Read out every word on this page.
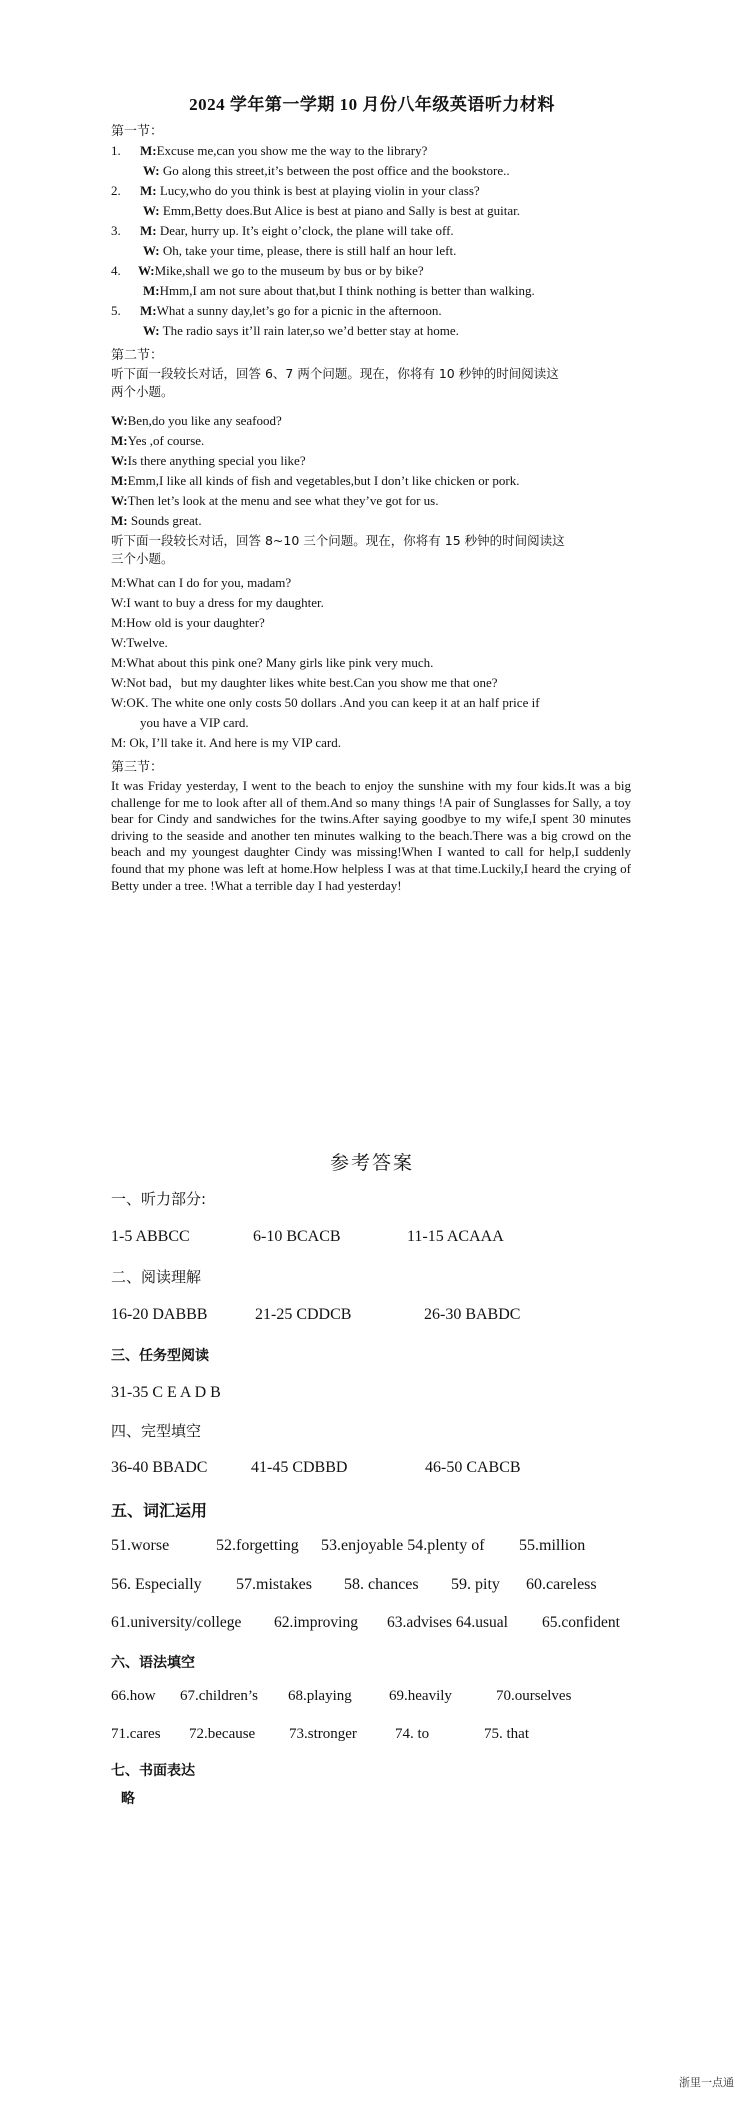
2024 学年第一学期 10 月份八年级英语听力材料
第一节：
1.	M:Excuse me,can you show me the way to the library?
W: Go along this street,it’s between the post office and the bookstore..
2.	M: Lucy,who do you think is best at playing violin in your class?
W: Emm,Betty does.But Alice is best at piano and Sally is best at guitar.
3.	M: Dear, hurry up. It’s eight o’clock, the plane will take off.
W: Oh, take your time, please, there is still half an hour left.
4.	W:Mike,shall we go to the museum by bus or by bike?
M:Hmm,I am not sure about that,but I think nothing is better than walking.
5.	M:What a sunny day,let’s go for a picnic in the afternoon.
W: The radio says it’ll rain later,so we’d better stay at home.
第二节：
听下面一段较长对话，回答 6、7 两个问题。现在，你将有 10 秒钟的时间阅读这
两个小题。
W:Ben,do you like any seafood?
M:Yes ,of course.
W:Is there anything special you like?
M:Emm,I like all kinds of fish and vegetables,but I don’t like chicken or pork.
W:Then let’s look at the menu and see what they’ve got for us.
M: Sounds great.
听下面一段较长对话，回答 8~10 三个问题。现在，你将有 15 秒钟的时间阅读这
三个小题。
M:What can I do for you, madam?
W:I want to buy a dress for my daughter.
M:How old is your daughter?
W:Twelve.
M:What about this pink one? Many girls like pink very much.
W:Not bad，but my daughter likes white best.Can you show me that one?
W:OK. The white one only costs 50 dollars .And you can keep it at an half price if
you have a VIP card.
M: Ok, I’ll take it. And here is my VIP card.
第三节：
It was Friday yesterday, I went to the beach to enjoy the sunshine with my four kids.It was a big challenge for me to look after all of them.And so many things !A pair of Sunglasses for Sally, a toy bear for Cindy and sandwiches for the twins.After saying goodbye to my wife,I spent 30 minutes driving to the seaside and another ten minutes walking to the beach.There was a big crowd on the beach and my youngest daughter Cindy was missing!When I wanted to call for help,I suddenly found that my phone was left at home.How helpless I was at that time.Luckily,I heard the crying of Betty under a tree. !What a terrible day I had yesterday!
参考答案
一、听力部分:
1-5 ABBCC	6-10 BCACB	11-15 ACAAA
二、阅读理解
16-20 DABBB	21-25 CDDCB	26-30 BABDC
三、任务型阅读
31-35 C E A D B
四、完型填空
36-40 BBADC	41-45 CDBBD	46-50 CABCB
五、词汇运用
51.worse	52.forgetting 53.enjoyable 54.plenty of 55.million
56. Especially 57.mistakes 58. chances 59. pity 60.careless
61.university/college 62.improving 63.advises 64.usual 65.confident
六、语法填空
66.how 67.children’s 68.playing 69.heavily	70.ourselves
71.cares 72.because 73.stronger	74. to	75. that
七、书面表达
略
浙里一点通
